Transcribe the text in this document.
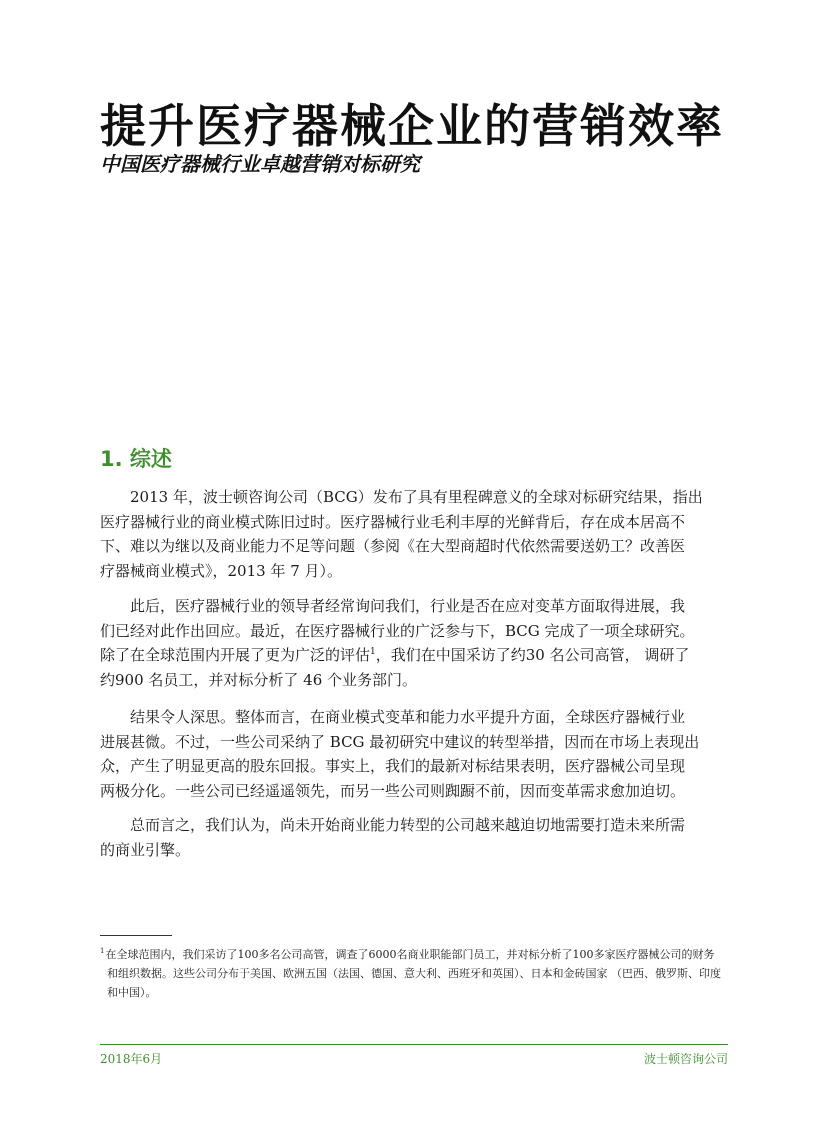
提升医疗器械企业的营销效率
中国医疗器械行业卓越营销对标研究
1. 综述

2013 年，波士顿咨询公司（BCG）发布了具有里程碑意义的全球对标研究结果，指出
医疗器械行业的商业模式陈旧过时。医疗器械行业毛利丰厚的光鲜背后，存在成本居高不
下、难以为继以及商业能力不足等问题（参阅《在大型商超时代依然需要送奶工？改善医
疗器械商业模式》，2013 年 7 月）。

此后，医疗器械行业的领导者经常询问我们，行业是否在应对变革方面取得进展，我
们已经对此作出回应。最近，在医疗器械行业的广泛参与下，BCG 完成了一项全球研究。
除了在全球范围内开展了更为广泛的评估$^1$，我们在中国采访了约30 名公司高管， 调研了
约900 名员工，并对标分析了 46 个业务部门。

结果令人深思。整体而言，在商业模式变革和能力水平提升方面，全球医疗器械行业
进展甚微。不过，一些公司采纳了 BCG 最初研究中建议的转型举措，因而在市场上表现出
众，产生了明显更高的股东回报。事实上，我们的最新对标结果表明，医疗器械公司呈现
两极分化。一些公司已经遥遥领先，而另一些公司则踟蹰不前，因而变革需求愈加迫切。

总而言之，我们认为，尚未开始商业能力转型的公司越来越迫切地需要打造未来所需
的商业引擎。

$^1$在全球范围内，我们采访了100多名公司高管，调查了6000名商业职能部门员工，并对标分析了100多家医疗器械公司的财务
和组织数据。这些公司分布于美国、欧洲五国（法国、德国、意大利、西班牙和英国）、日本和金砖国家 （巴西、俄罗斯、印度
和中国）。
2018年6月	波士顿咨询公司
